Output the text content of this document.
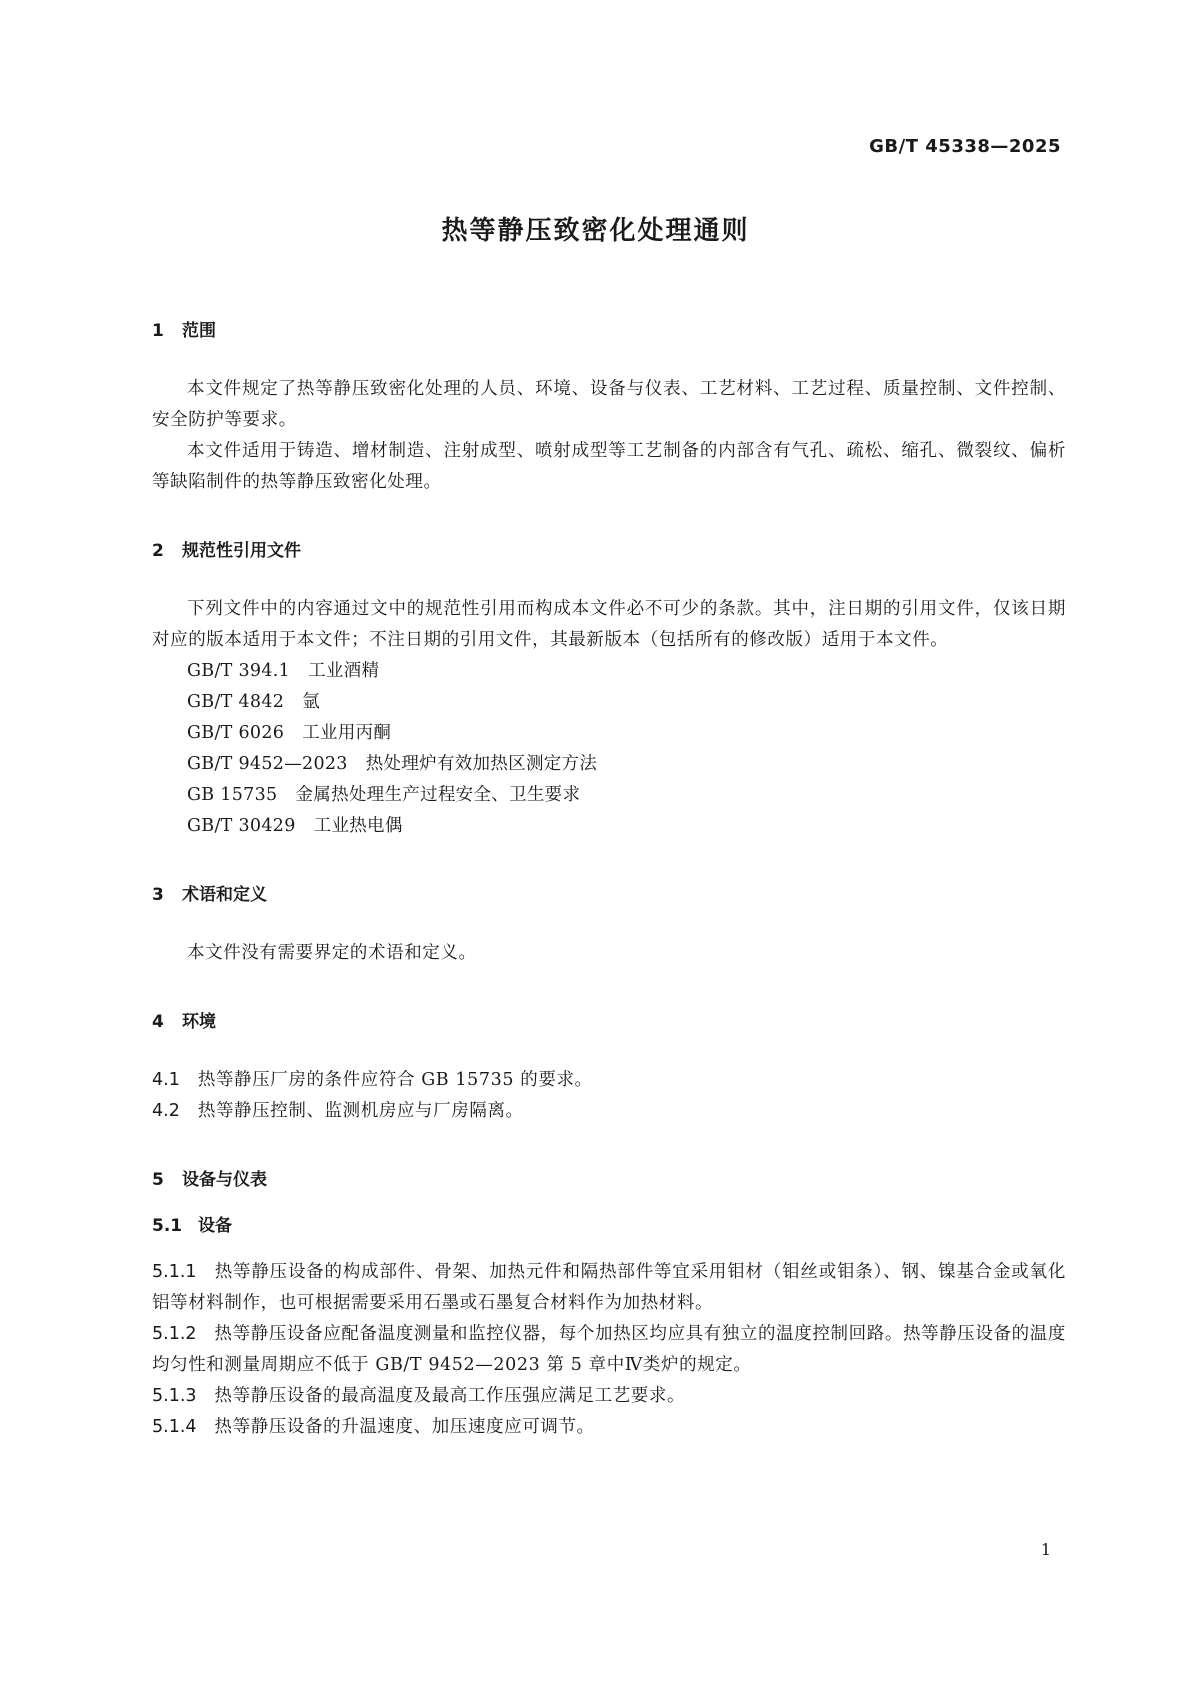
GB/T 45338—2025
热等静压致密化处理通则
1 范围
本文件规定了热等静压致密化处理的人员、环境、设备与仪表、工艺材料、工艺过程、质量控制、文件控制、安全防护等要求。
本文件适用于铸造、增材制造、注射成型、喷射成型等工艺制备的内部含有气孔、疏松、缩孔、微裂纹、偏析等缺陷制件的热等静压致密化处理。
2 规范性引用文件
下列文件中的内容通过文中的规范性引用而构成本文件必不可少的条款。其中，注日期的引用文件，仅该日期对应的版本适用于本文件；不注日期的引用文件，其最新版本（包括所有的修改版）适用于本文件。
GB/T 394.1 工业酒精
GB/T 4842 氩
GB/T 6026 工业用丙酮
GB/T 9452—2023 热处理炉有效加热区测定方法
GB 15735 金属热处理生产过程安全、卫生要求
GB/T 30429 工业热电偶
3 术语和定义
本文件没有需要界定的术语和定义。
4 环境
4.1 热等静压厂房的条件应符合 GB 15735 的要求。
4.2 热等静压控制、监测机房应与厂房隔离。
5 设备与仪表
5.1 设备
5.1.1 热等静压设备的构成部件、骨架、加热元件和隔热部件等宜采用钼材（钼丝或钼条）、钢、镍基合金或氧化铝等材料制作，也可根据需要采用石墨或石墨复合材料作为加热材料。
5.1.2 热等静压设备应配备温度测量和监控仪器，每个加热区均应具有独立的温度控制回路。热等静压设备的温度均匀性和测量周期应不低于 GB/T 9452—2023 第 5 章中Ⅳ类炉的规定。
5.1.3 热等静压设备的最高温度及最高工作压强应满足工艺要求。
5.1.4 热等静压设备的升温速度、加压速度应可调节。
1
